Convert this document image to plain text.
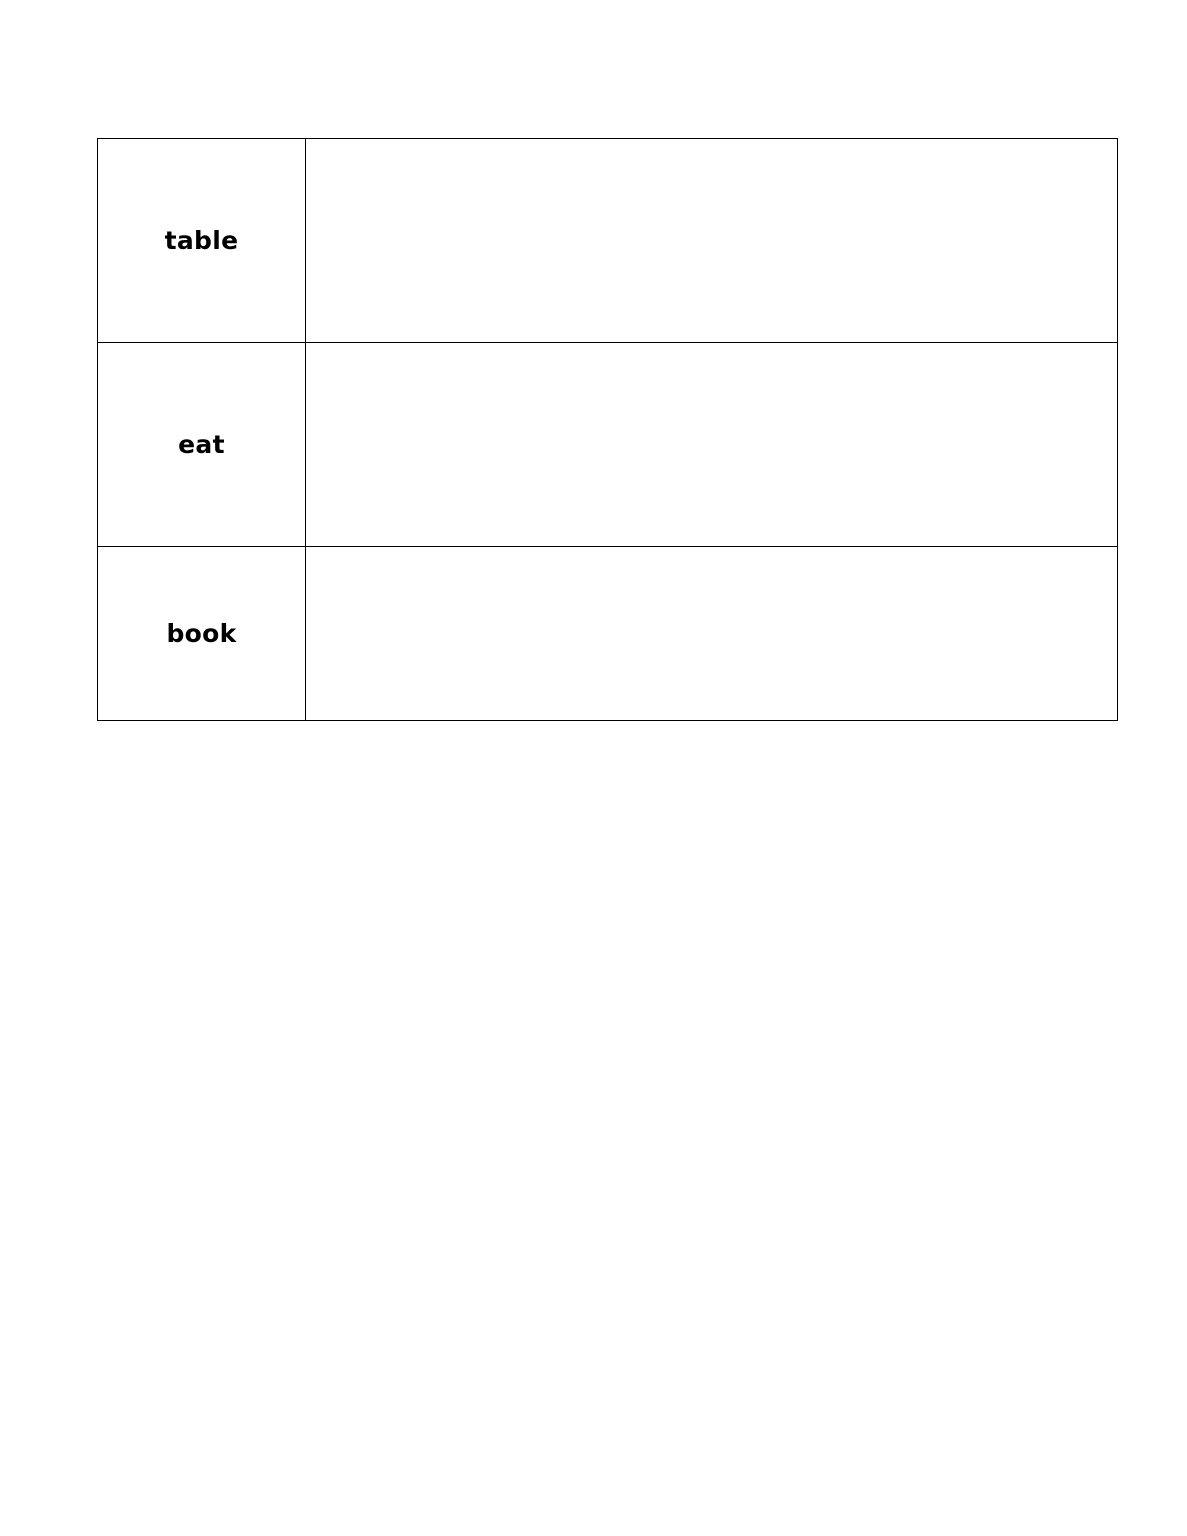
table	
eat	
book	
